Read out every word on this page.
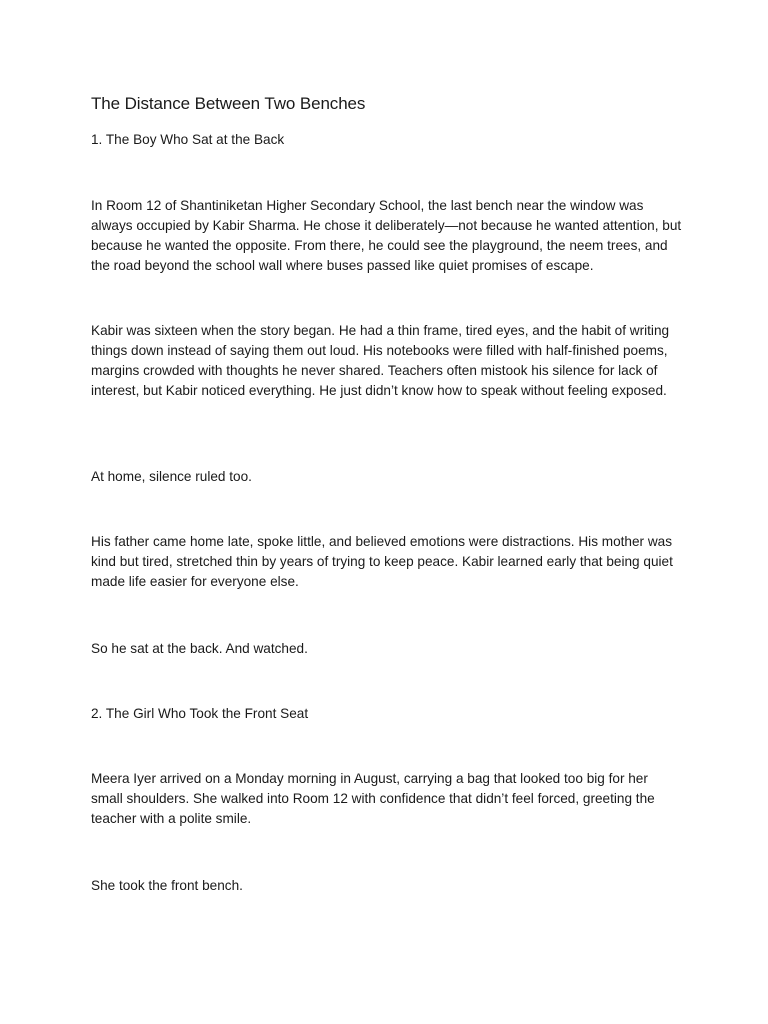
The Distance Between Two Benches

1. The Boy Who Sat at the Back

In Room 12 of Shantiniketan Higher Secondary School, the last bench near the window was always occupied by Kabir Sharma. He chose it deliberately—not because he wanted attention, but because he wanted the opposite. From there, he could see the playground, the neem trees, and the road beyond the school wall where buses passed like quiet promises of escape.

Kabir was sixteen when the story began. He had a thin frame, tired eyes, and the habit of writing things down instead of saying them out loud. His notebooks were filled with half-finished poems, margins crowded with thoughts he never shared. Teachers often mistook his silence for lack of interest, but Kabir noticed everything. He just didn’t know how to speak without feeling exposed.

At home, silence ruled too.

His father came home late, spoke little, and believed emotions were distractions. His mother was kind but tired, stretched thin by years of trying to keep peace. Kabir learned early that being quiet made life easier for everyone else.

So he sat at the back. And watched.

2. The Girl Who Took the Front Seat

Meera Iyer arrived on a Monday morning in August, carrying a bag that looked too big for her small shoulders. She walked into Room 12 with confidence that didn’t feel forced, greeting the teacher with a polite smile.

She took the front bench.
